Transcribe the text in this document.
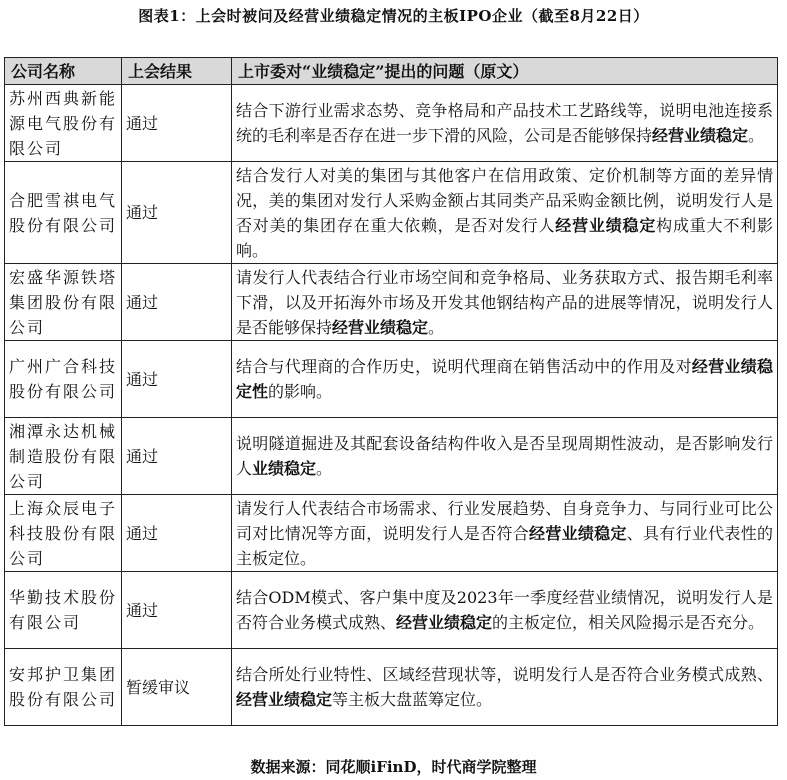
图表1：上会时被问及经营业绩稳定情况的主板IPO企业（截至8月22日）
公司名称	上会结果	上市委对“业绩稳定”提出的问题（原文）
苏州西典新能源电气股份有限公司	通过	结合下游行业需求态势、竞争格局和产品技术工艺路线等，说明电池连接系统的毛利率是否存在进一步下滑的风险，公司是否能够保持经营业绩稳定。
合肥雪祺电气股份有限公司	通过	结合发行人对美的集团与其他客户在信用政策、定价机制等方面的差异情况，美的集团对发行人采购金额占其同类产品采购金额比例，说明发行人是否对美的集团存在重大依赖，是否对发行人经营业绩稳定构成重大不利影响。
宏盛华源铁塔集团股份有限公司	通过	请发行人代表结合行业市场空间和竞争格局、业务获取方式、报告期毛利率下滑，以及开拓海外市场及开发其他钢结构产品的进展等情况，说明发行人是否能够保持经营业绩稳定。
广州广合科技股份有限公司	通过	结合与代理商的合作历史，说明代理商在销售活动中的作用及对经营业绩稳定性的影响。
湘潭永达机械制造股份有限公司	通过	说明隧道掘进及其配套设备结构件收入是否呈现周期性波动，是否影响发行人业绩稳定。
上海众辰电子科技股份有限公司	通过	请发行人代表结合市场需求、行业发展趋势、自身竞争力、与同行业可比公司对比情况等方面，说明发行人是否符合经营业绩稳定、具有行业代表性的主板定位。
华勤技术股份有限公司	通过	结合ODM模式、客户集中度及2023年一季度经营业绩情况，说明发行人是否符合业务模式成熟、经营业绩稳定的主板定位，相关风险揭示是否充分。
安邦护卫集团股份有限公司	暂缓审议	结合所处行业特性、区域经营现状等，说明发行人是否符合业务模式成熟、经营业绩稳定等主板大盘蓝筹定位。
数据来源：同花顺iFinD，时代商学院整理
